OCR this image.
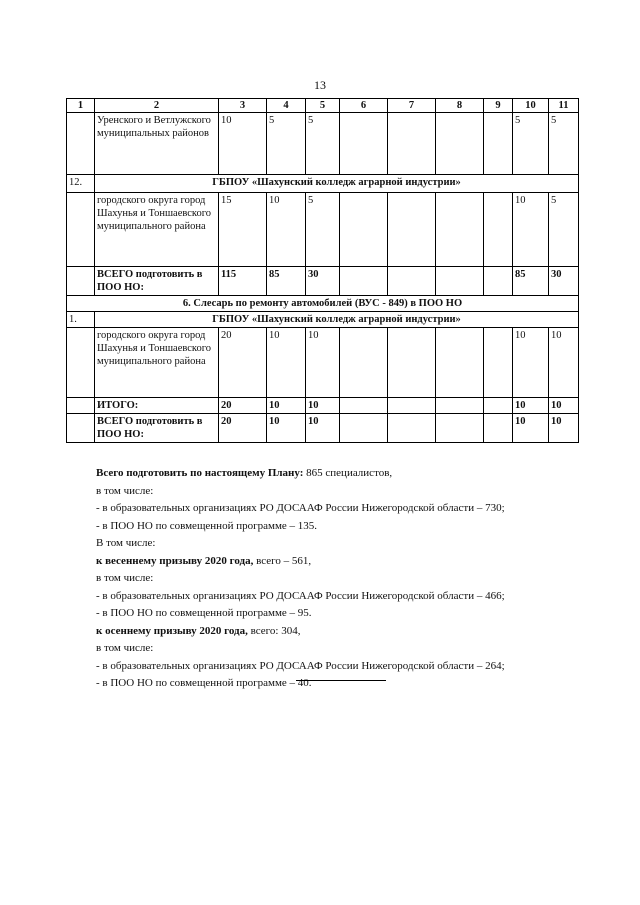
13
1	2	3	4	5	6	7	8	9	10	11
	Уренского и Ветлужского муниципальных районов	10	5	5					5	5
12.	ГБПОУ «Шахунский колледж аграрной индустрии»									
	городского округа город Шахунья и Тоншаевского муниципального района	15	10	5					10	5
	ВСЕГО подготовить в ПОО НО:	115	85	30					85	30
6. Слесарь по ремонту автомобилей (ВУС - 849) в ПОО НО										
1.	ГБПОУ «Шахунский колледж аграрной индустрии»									
	городского округа город Шахунья и Тоншаевского муниципального района	20	10	10					10	10
	ИТОГО:	20	10	10					10	10
	ВСЕГО подготовить в ПОО НО:	20	10	10					10	10
Всего подготовить по настоящему Плану: 865 специалистов,
в том числе:
- в образовательных организациях РО ДОСААФ России Нижегородской области – 730;
- в ПОО НО по совмещенной программе – 135.
В том числе:
к весеннему призыву 2020 года, всего – 561,
в том числе:
- в образовательных организациях РО ДОСААФ России Нижегородской области – 466;
- в ПОО НО по совмещенной программе – 95.
к осеннему призыву 2020 года, всего: 304,
в том числе:
- в образовательных организациях РО ДОСААФ России Нижегородской области – 264;
- в ПОО НО по совмещенной программе – 40.
